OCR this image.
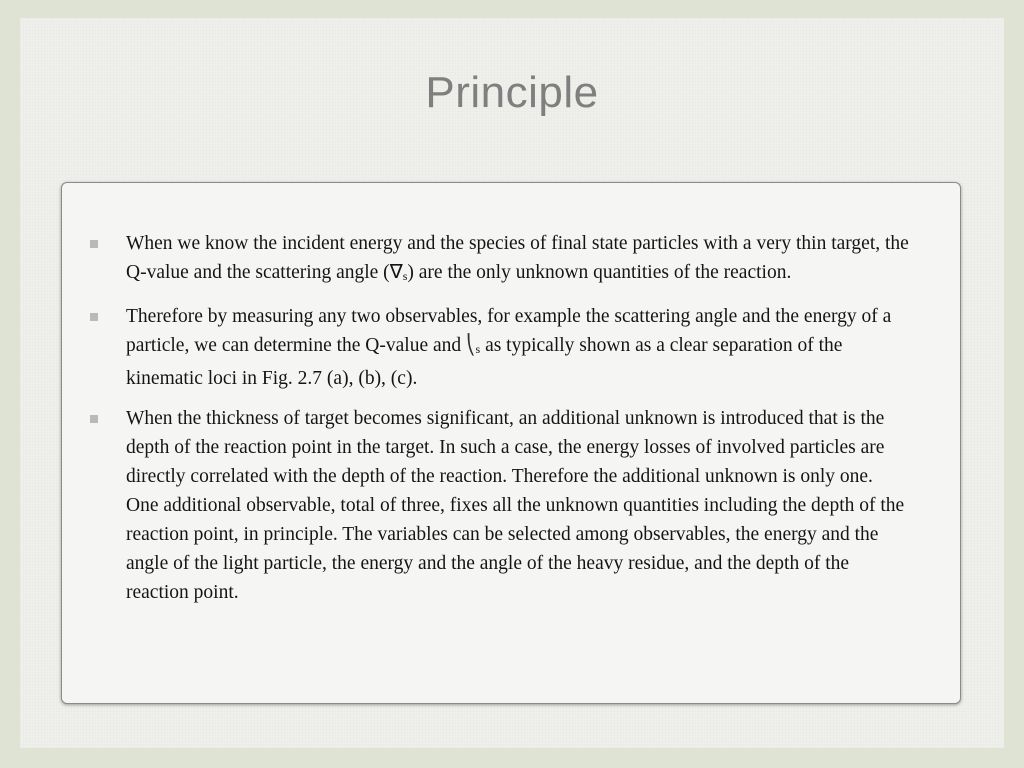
Principle
When we know the incident energy and the species of final state particles with a very thin target, the Q-value and the scattering angle (∇s) are the only unknown quantities of the reaction.
Therefore by measuring any two observables, for example the scattering angle and the energy of a particle, we can determine the Q-value and ⎝s as typically shown as a clear separation of the kinematic loci in Fig. 2.7 (a), (b), (c).
When the thickness of target becomes significant, an additional unknown is introduced that is the depth of the reaction point in the target. In such a case, the energy losses of involved particles are directly correlated with the depth of the reaction. Therefore the additional unknown is only one. One additional observable, total of three, fixes all the unknown quantities including the depth of the reaction point, in principle. The variables can be selected among observables, the energy and the angle of the light particle, the energy and the angle of the heavy residue, and the depth of the reaction point.
